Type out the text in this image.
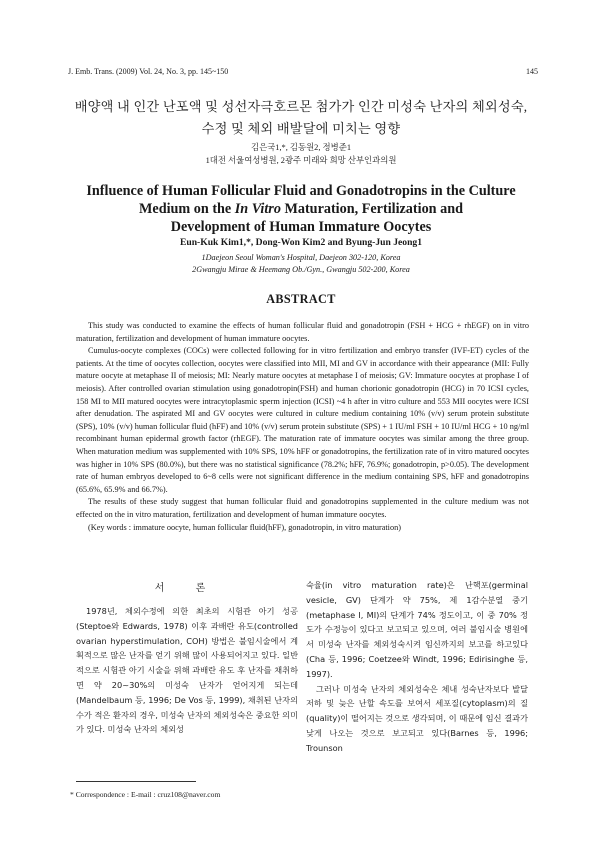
J. Emb. Trans. (2009) Vol. 24, No. 3, pp. 145~150	145
배양액 내 인간 난포액 및 성선자극호르몬 첨가가 인간 미성숙 난자의 체외성숙,
수정 및 체외 배발달에 미치는 영향
김은국1,*, 김동원2, 정병준1
1대전 서울여성병원, 2광주 미래와 희망 산부인과의원
Influence of Human Follicular Fluid and Gonadotropins in the Culture
Medium on the In Vitro Maturation, Fertilization and
Development of Human Immature Oocytes
Eun-Kuk Kim1,*, Dong-Won Kim2 and Byung-Jun Jeong1
1Daejeon Seoul Woman's Hospital, Daejeon 302-120, Korea
2Gwangju Mirae & Heemang Ob./Gyn., Gwangju 502-200, Korea
ABSTRACT

This study was conducted to examine the effects of human follicular fluid and gonadotropin (FSH + HCG + rhEGF) on in vitro maturation, fertilization and development of human immature oocytes.

Cumulus-oocyte complexes (COCs) were collected following for in vitro fertilization and embryo transfer (IVF-ET) cycles of the patients. At the time of oocytes collection, oocytes were classified into MII, MI and GV in accordance with their appearance (MII: Fully mature oocyte at metaphase II of meiosis; MI: Nearly mature oocytes at metaphase I of meiosis; GV: Immature oocytes at prophase I of meiosis). After controlled ovarian stimulation using gonadotropin(FSH) and human chorionic gonadotropin (HCG) in 70 ICSI cycles, 158 MI to MII matured oocytes were intracytoplasmic sperm injection (ICSI) ~4 h after in vitro culture and 553 MII oocytes were ICSI after denudation. The aspirated MI and GV oocytes were cultured in culture medium containing 10% (v/v) serum protein substitute (SPS), 10% (v/v) human follicular fluid (hFF) and 10% (v/v) serum protein substitute (SPS) + 1 IU/ml FSH + 10 IU/ml HCG + 10 ng/ml recombinant human epidermal growth factor (rhEGF). The maturation rate of immature oocytes was similar among the three group. When maturation medium was supplemented with 10% SPS, 10% hFF or gonadotropins, the fertilization rate of in vitro matured oocytes was higher in 10% SPS (80.0%), but there was no statistical significance (78.2%; hFF, 76.9%; gonadotropin, p>0.05). The development rate of human embryos developed to 6~8 cells were not significant difference in the medium containing SPS, hFF and gonadotropins (65.6%, 65.9% and 66.7%).

The results of these study suggest that human follicular fluid and gonadotropins supplemented in the culture medium was not effected on the in vitro maturation, fertilization and development of human immature oocytes.

(Key words : immature oocyte, human follicular fluid(hFF), gonadotropin, in vitro maturation)

서 론

1978년, 체외수정에 의한 최초의 시험관 아기 성공(Steptoe와 Edwards, 1978) 이후 과배란 유도(controlled ovarian hyperstimulation, COH) 방법은 불임시술에서 계획적으로 많은 난자를 얻기 위해 많이 사용되어지고 있다. 일반적으로 시험관 아기 시술을 위해 과배란 유도 후 난자를 채취하면 약 20~30%의 미성숙 난자가 얻어지게 되는데(Mandelbaum 등, 1996; De Vos 등, 1999), 채취된 난자의 수가 적은 환자의 경우, 미성숙 난자의 체외성숙은 중요한 의미가 있다. 미성숙 난자의 체외성

숙율(in vitro maturation rate)은 난핵포(germinal vesicle, GV) 단계가 약 75%, 제 1감수분열 중기(metaphase I, MI)의 단계가 74% 정도이고, 이 중 70% 정도가 수정능이 있다고 보고되고 있으며, 여러 불임시술 병원에서 미성숙 난자를 체외성숙시켜 임신까지의 보고를 하고있다(Cha 등, 1996; Coetzee와 Windt, 1996; Edirisinghe 등, 1997).

그러나 미성숙 난자의 체외성숙은 체내 성숙난자보다 발달저하 및 늦은 난할 속도를 보여서 세포질(cytoplasm)의 질(quality)이 떨어지는 것으로 생각되며, 이 때문에 임신 결과가 낮게 나오는 것으로 보고되고 있다(Barnes 등, 1996; Trounson

* Correspondence : E-mail : cruz108@naver.com
